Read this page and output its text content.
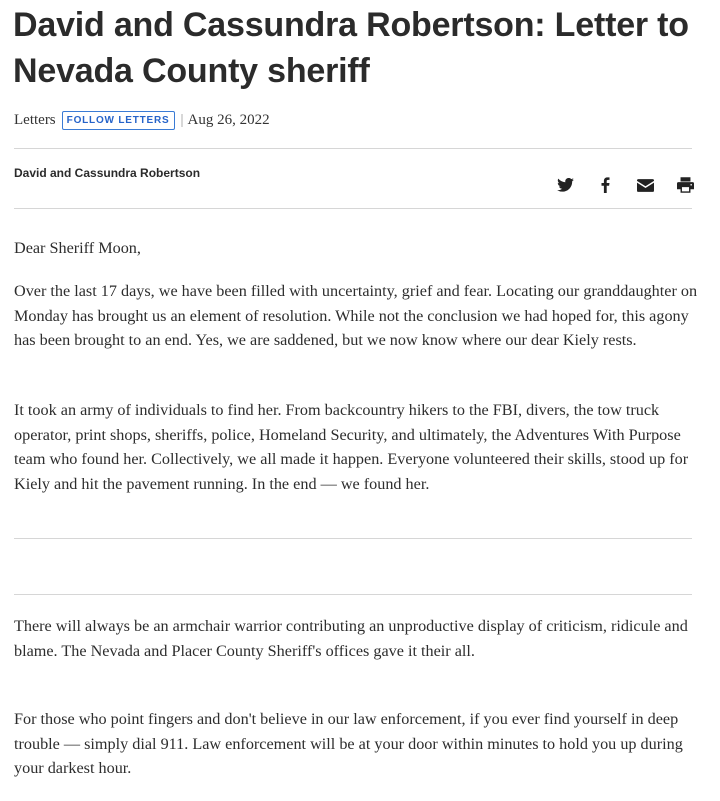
David and Cassundra Robertson: Letter to Nevada County sheriff
Letters	FOLLOW LETTERS | Aug 26, 2022
David and Cassundra Robertson

Dear Sheriff Moon,

Over the last 17 days, we have been filled with uncertainty, grief and fear. Locating our granddaughter on Monday has brought us an element of resolution. While not the conclusion we had hoped for, this agony has been brought to an end. Yes, we are saddened, but we now know where our dear Kiely rests.

It took an army of individuals to find her. From backcountry hikers to the FBI, divers, the tow truck operator, print shops, sheriffs, police, Homeland Security, and ultimately, the Adventures With Purpose team who found her. Collectively, we all made it happen. Everyone volunteered their skills, stood up for Kiely and hit the pavement running. In the end — we found her.

There will always be an armchair warrior contributing an unproductive display of criticism, ridicule and blame. The Nevada and Placer County Sheriff's offices gave it their all.

For those who point fingers and don't believe in our law enforcement, if you ever find yourself in deep trouble — simply dial 911. Law enforcement will be at your door within minutes to hold you up during your darkest hour.
